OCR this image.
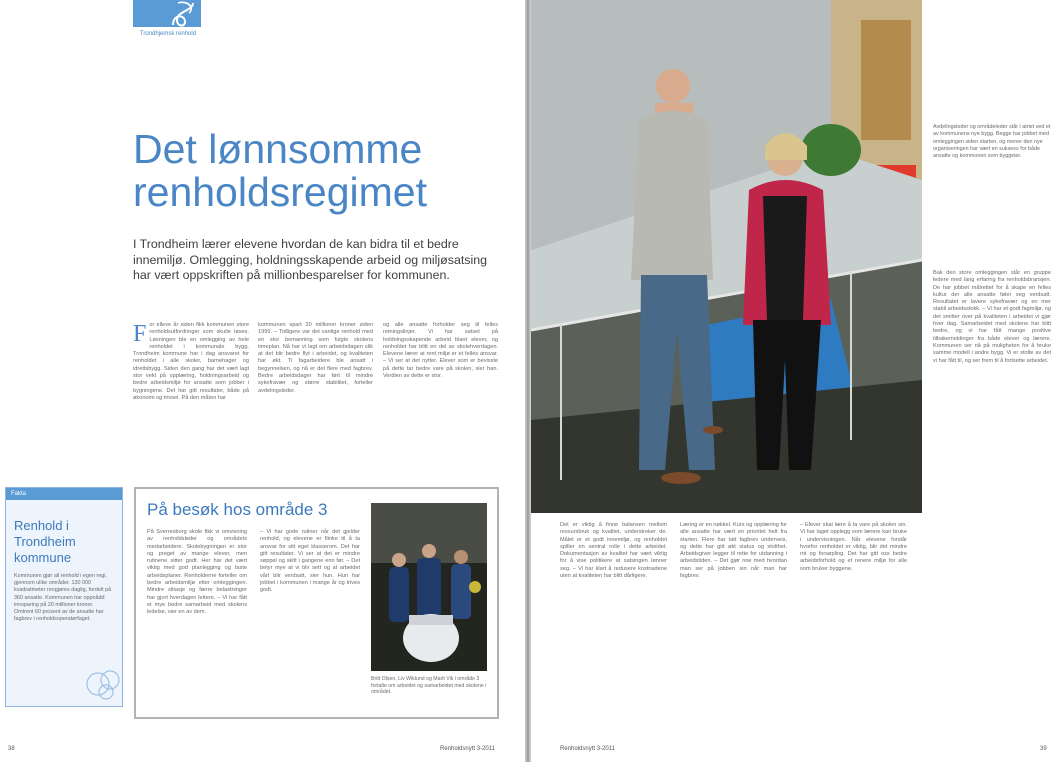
Trondhjemsk renhold
Det lønnsomme renholdsregimet

I Trondheim lærer elevene hvordan de kan bidra til et bedre innemiljø. Omlegging, holdningsskapende arbeid og miljøsatsing har vært oppskriften på millionbesparelser for kommunen.

F or elleve år siden fikk kommunen store renholdsutfordringer som skulle løses. Løsningen ble en omlegging av hele renholdet i kommunale bygg. Trondheim kommune har i dag ansvaret for renholdet i alle skoler, barnehager og idrettsbygg. Siden den gang har det vært lagt stor vekt på opplæring, holdningsarbeid og bedre arbeidsmiljø for ansatte som jobber i bygningene. Det har gitt resultater, både på økonomi og trivsel. På den måten har

kommunen spart 20 millioner kroner siden 1999. – Tidligere var det vanlige renhold med en stor bemanning som fulgte skolens timeplan. Nå har vi lagt om arbeidsdagen slik at det blir bedre flyt i arbeidet, og kvaliteten har økt. Ti fagarbeidere ble ansatt i begynnelsen, og nå er det flere med fagbrev. Bedre arbeidsdager har ført til mindre sykefravær og større stabilitet, forteller avdelingsleder.

og alle ansatte forholder seg til felles retningslinjer. Vi har satset på holdningsskapende arbeid blant elever, og renholdet har blitt en del av skolehverdagen. Elevene lærer at rent miljø er et felles ansvar. – Vi ser at det nytter. Elever som er bevisste på dette tar bedre vare på skolen, sier han. Verdien av dette er stor.

Fakta
Renhold i Trondheim kommune
Kommunen gjør all renhold i egen regi, gjennom ulike områder. 130 000 kvadratmeter rengjøres daglig, fordelt på 360 ansatte. Kommunen har oppnådd innsparing på 20 millioner kroner. Omtrent 60 prosent av de ansatte har fagbrev i renholdsoperatørfaget.
På besøk hos område 3

På Sverresborg skole fikk vi omvisning av renholdsleder og områdets medarbeidere. Skolebygningen er stor og preget av mange elever, men rutinene sitter godt. Her har det vært viktig med god planlegging og faste arbeidsplaner. Renholderne forteller om bedre arbeidsmiljø etter omleggingen. Mindre slitasje og færre belastninger har gjort hverdagen lettere. – Vi har fått et mye bedre samarbeid med skolens ledelse, sier en av dem.

– Vi har gode rutiner når det gjelder renhold, og elevene er flinke til å ta ansvar for sitt eget klasserom. Det har gitt resultater. Vi ser at det er mindre søppel og skitt i gangene enn før. – Det betyr mye at vi blir sett og at arbeidet vårt blir verdsatt, sier hun. Hun har jobbet i kommunen i mange år og trives godt.

Britt Olsen, Liv Wiklund og Marit Vik i område 3 fortalte om arbeidet og samarbeidet med skolene i området.
38	Renholdsnytt 3-2011
Avdelingsleder og områdeleder står i atriet ved et av kommunens nye bygg. Begge har jobbet med omleggingen siden starten, og mener den nye organiseringen har vært en suksess for både ansatte og kommunen som byggeier.

Det er viktig å finne balansen mellom ressursbruk og kvalitet, understreker de. Målet er et godt innemiljø, og renholdet spiller en sentral rolle i dette arbeidet. Dokumentasjon av kvalitet har vært viktig for å vise politikere at satsingen lønner seg. – Vi har klart å redusere kostnadene uten at kvaliteten har blitt dårligere.

Læring er en nøkkel. Kurs og opplæring for alle ansatte har vært en prioritet helt fra starten. Flere har tatt fagbrev underveis, og dette har gitt økt status og stolthet. Arbeidsgiver legger til rette for utdanning i arbeidstiden. – Det gjør noe med hvordan man ser på jobben sin når man har fagbrev.

– Elever skal lære å ta vare på skolen sin. Vi har laget opplegg som lærere kan bruke i undervisningen. Når elevene forstår hvorfor renholdet er viktig, blir det mindre rot og forsøpling. Det har gitt oss bedre arbeidsforhold og et renere miljø for alle som bruker byggene.

Bak den store omleggingen står en gruppe ledere med lang erfaring fra renholdsbransjen. De har jobbet målrettet for å skape en felles kultur der alle ansatte føler seg verdsatt. Resultatet er lavere sykefravær og en mer stabil arbeidsstokk. – Vi har et godt fagmiljø, og det smitter over på kvaliteten i arbeidet vi gjør hver dag. Samarbeidet med skolene har blitt bedre, og vi har fått mange positive tilbakemeldinger fra både elever og lærere. Kommunen ser nå på muligheten for å bruke samme modell i andre bygg. Vi er stolte av det vi har fått til, og ser frem til å fortsette arbeidet.

Renholdsnytt 3-2011	39
